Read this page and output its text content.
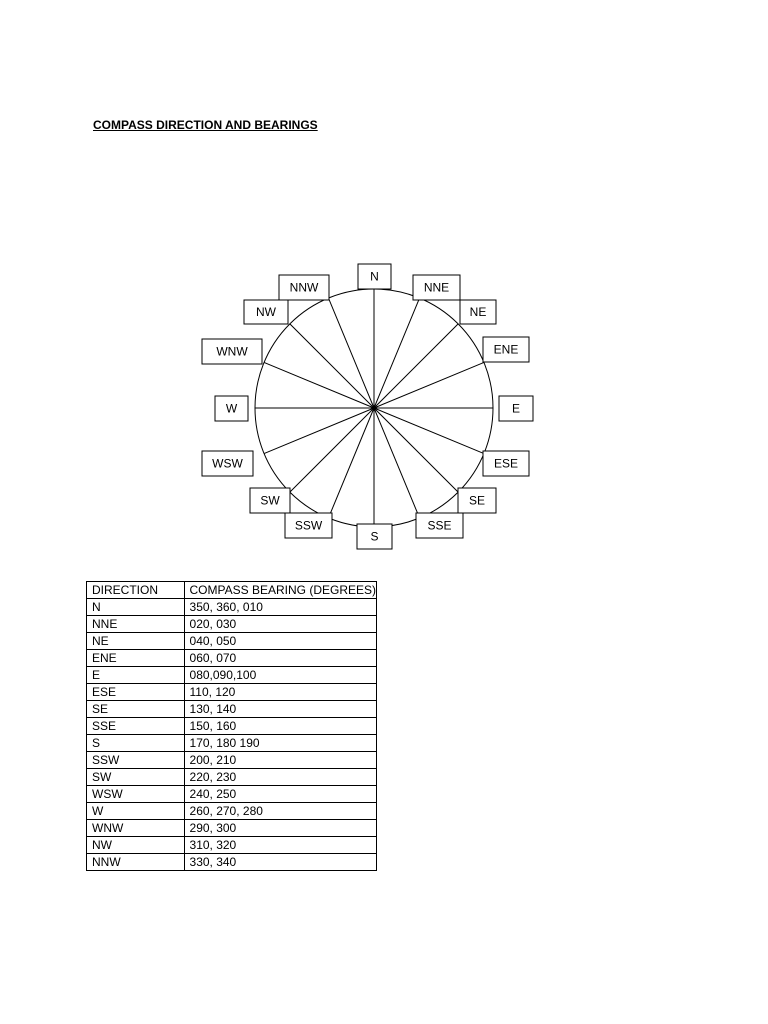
COMPASS DIRECTION AND BEARINGS
N
NNE
NE
ENE
E
ESE
SE
SSE
S
SSW
SW
WSW
W
WNW
NW
NNW
DIRECTION	COMPASS BEARING (DEGREES)
N	350, 360, 010
NNE	020, 030
NE	040, 050
ENE	060, 070
E	080,090,100
ESE	110, 120
SE	130, 140
SSE	150, 160
S	170, 180 190
SSW	200, 210
SW	220, 230
WSW	240, 250
W	260, 270, 280
WNW	290, 300
NW	310, 320
NNW	330, 340
